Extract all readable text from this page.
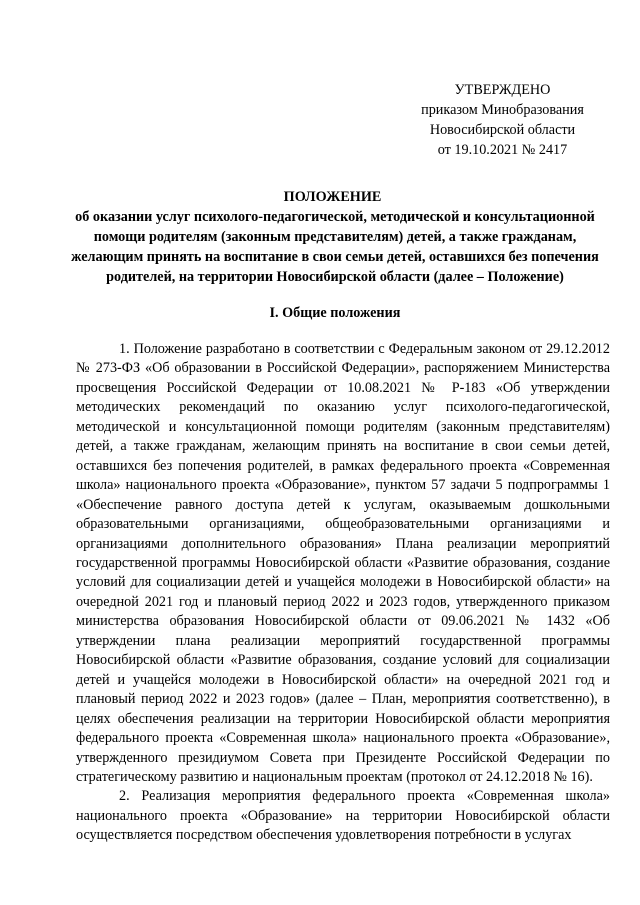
УТВЕРЖДЕНО
приказом Минобразования
Новосибирской области
от 19.10.2021 № 2417

ПОЛОЖЕНИЕ

об оказании услуг психолого-педагогической, методической и консультационной помощи родителям (законным представителям) детей, а также гражданам, желающим принять на воспитание в свои семьи детей, оставшихся без попечения родителей, на территории Новосибирской области (далее – Положение)

I. Общие положения

1. Положение разработано в соответствии с Федеральным законом от 29.12.2012 № 273-ФЗ «Об образовании в Российской Федерации», распоряжением Министерства просвещения Российской Федерации от 10.08.2021 № Р-183 «Об утверждении методических рекомендаций по оказанию услуг психолого-педагогической, методической и консультационной помощи родителям (законным представителям) детей, а также гражданам, желающим принять на воспитание в свои семьи детей, оставшихся без попечения родителей, в рамках федерального проекта «Современная школа» национального проекта «Образование», пунктом 57 задачи 5 подпрограммы 1 «Обеспечение равного доступа детей к услугам, оказываемым дошкольными образовательными организациями, общеобразовательными организациями и организациями дополнительного образования» Плана реализации мероприятий государственной программы Новосибирской области «Развитие образования, создание условий для социализации детей и учащейся молодежи в Новосибирской области» на очередной 2021 год и плановый период 2022 и 2023 годов, утвержденного приказом министерства образования Новосибирской области от 09.06.2021 № 1432 «Об утверждении плана реализации мероприятий государственной программы Новосибирской области «Развитие образования, создание условий для социализации детей и учащейся молодежи в Новосибирской области» на очередной 2021 год и плановый период 2022 и 2023 годов» (далее – План, мероприятия соответственно), в целях обеспечения реализации на территории Новосибирской области мероприятия федерального проекта «Современная школа» национального проекта «Образование», утвержденного президиумом Совета при Президенте Российской Федерации по стратегическому развитию и национальным проектам (протокол от 24.12.2018 № 16).

2. Реализация мероприятия федерального проекта «Современная школа» национального проекта «Образование» на территории Новосибирской области осуществляется посредством обеспечения удовлетворения потребности в услугах
